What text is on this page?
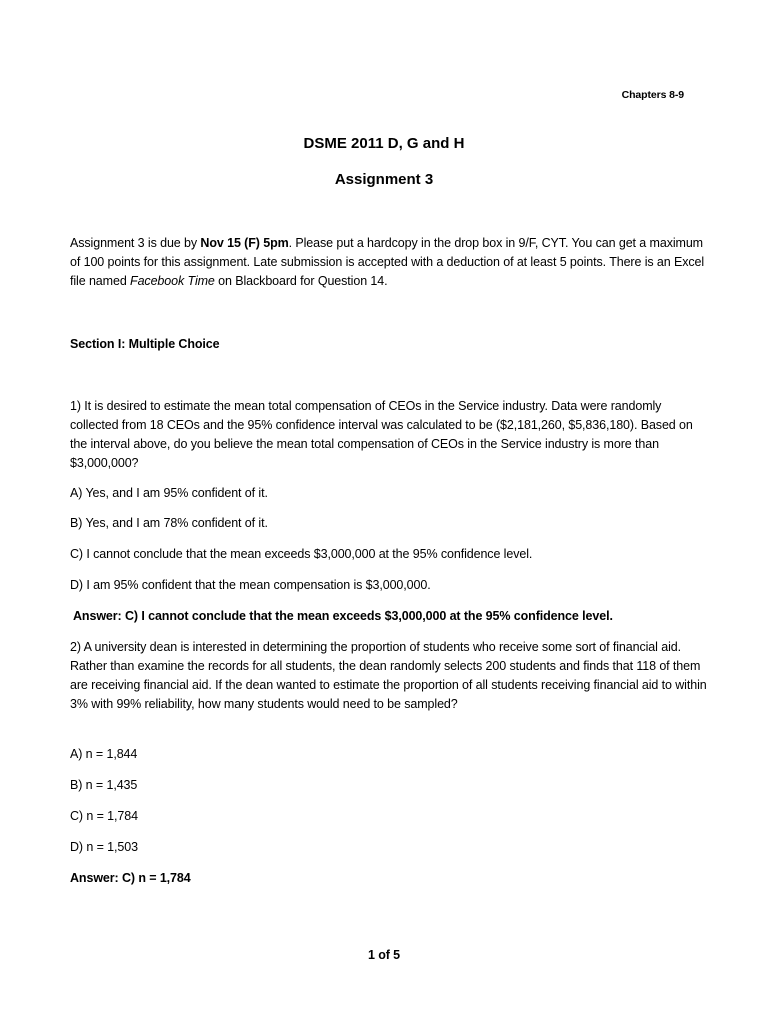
Chapters 8-9
DSME 2011 D, G and H
Assignment 3

Assignment 3 is due by Nov 15 (F) 5pm. Please put a hardcopy in the drop box in 9/F, CYT. You can get a maximum of 100 points for this assignment. Late submission is accepted with a deduction of at least 5 points. There is an Excel file named Facebook Time on Blackboard for Question 14.

Section I: Multiple Choice

1) It is desired to estimate the mean total compensation of CEOs in the Service industry. Data were randomly collected from 18 CEOs and the 95% confidence interval was calculated to be ($2,181,260, $5,836,180). Based on the interval above, do you believe the mean total compensation of CEOs in the Service industry is more than $3,000,000?

A) Yes, and I am 95% confident of it.
B) Yes, and I am 78% confident of it.
C) I cannot conclude that the mean exceeds $3,000,000 at the 95% confidence level.
D) I am 95% confident that the mean compensation is $3,000,000.
Answer: C) I cannot conclude that the mean exceeds $3,000,000 at the 95% confidence level.

2) A university dean is interested in determining the proportion of students who receive some sort of financial aid. Rather than examine the records for all students, the dean randomly selects 200 students and finds that 118 of them are receiving financial aid. If the dean wanted to estimate the proportion of all students receiving financial aid to within 3% with 99% reliability, how many students would need to be sampled?

A) n = 1,844
B) n = 1,435
C) n = 1,784
D) n = 1,503
Answer: C) n = 1,784
1 of 5
